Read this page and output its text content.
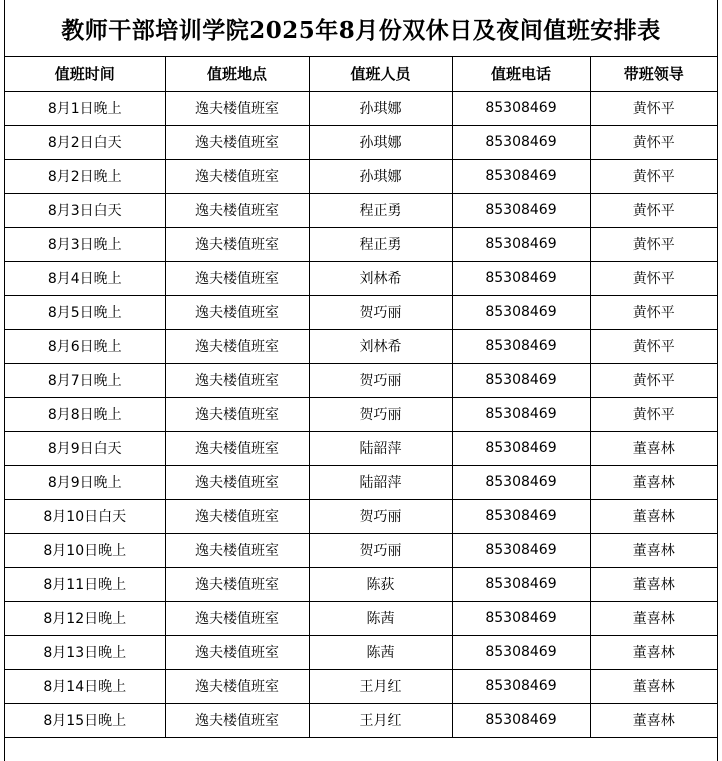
教师干部培训学院2025年8月份双休日及夜间值班安排表
值班时间	值班地点	值班人员	值班电话	带班领导
8月1日晚上	逸夫楼值班室	孙琪娜	85308469	黄怀平
8月2日白天	逸夫楼值班室	孙琪娜	85308469	黄怀平
8月2日晚上	逸夫楼值班室	孙琪娜	85308469	黄怀平
8月3日白天	逸夫楼值班室	程正勇	85308469	黄怀平
8月3日晚上	逸夫楼值班室	程正勇	85308469	黄怀平
8月4日晚上	逸夫楼值班室	刘林希	85308469	黄怀平
8月5日晚上	逸夫楼值班室	贺巧丽	85308469	黄怀平
8月6日晚上	逸夫楼值班室	刘林希	85308469	黄怀平
8月7日晚上	逸夫楼值班室	贺巧丽	85308469	黄怀平
8月8日晚上	逸夫楼值班室	贺巧丽	85308469	黄怀平
8月9日白天	逸夫楼值班室	陆韶萍	85308469	董喜林
8月9日晚上	逸夫楼值班室	陆韶萍	85308469	董喜林
8月10日白天	逸夫楼值班室	贺巧丽	85308469	董喜林
8月10日晚上	逸夫楼值班室	贺巧丽	85308469	董喜林
8月11日晚上	逸夫楼值班室	陈荻	85308469	董喜林
8月12日晚上	逸夫楼值班室	陈茜	85308469	董喜林
8月13日晚上	逸夫楼值班室	陈茜	85308469	董喜林
8月14日晚上	逸夫楼值班室	王月红	85308469	董喜林
8月15日晚上	逸夫楼值班室	王月红	85308469	董喜林
